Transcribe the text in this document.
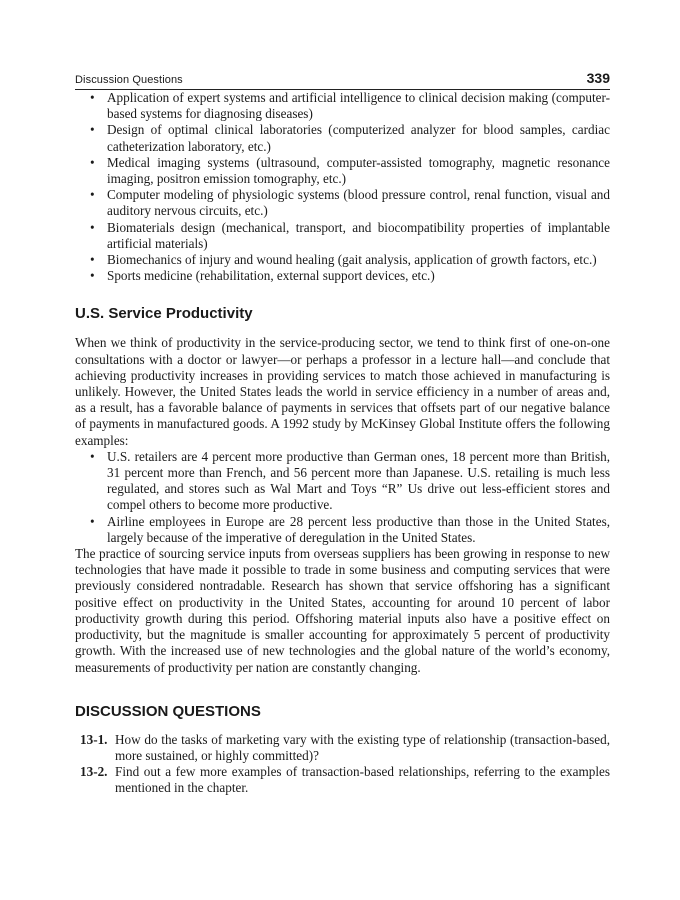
Discussion Questions	339
• Application of expert systems and artificial intelligence to clinical decision making (computer-based systems for diagnosing diseases)
• Design of optimal clinical laboratories (computerized analyzer for blood samples, cardiac catheterization laboratory, etc.)
• Medical imaging systems (ultrasound, computer-assisted tomography, magnetic resonance imaging, positron emission tomography, etc.)
• Computer modeling of physiologic systems (blood pressure control, renal function, visual and auditory nervous circuits, etc.)
• Biomaterials design (mechanical, transport, and biocompatibility properties of implantable artificial materials)
• Biomechanics of injury and wound healing (gait analysis, application of growth factors, etc.)
• Sports medicine (rehabilitation, external support devices, etc.)
U.S. Service Productivity

When we think of productivity in the service-producing sector, we tend to think first of one-on-one consultations with a doctor or lawyer—or perhaps a professor in a lecture hall—and conclude that achieving productivity increases in providing services to match those achieved in manufacturing is unlikely. However, the United States leads the world in service efficiency in a number of areas and, as a result, has a favorable balance of payments in services that offsets part of our negative balance of payments in manufactured goods. A 1992 study by McKinsey Global Institute offers the following examples:

• U.S. retailers are 4 percent more productive than German ones, 18 percent more than British, 31 percent more than French, and 56 percent more than Japanese. U.S. retailing is much less regulated, and stores such as Wal Mart and Toys “R” Us drive out less-efficient stores and compel others to become more productive.
• Airline employees in Europe are 28 percent less productive than those in the United States, largely because of the imperative of deregulation in the United States.

The practice of sourcing service inputs from overseas suppliers has been growing in response to new technologies that have made it possible to trade in some business and computing services that were previously considered nontradable. Research has shown that service offshoring has a significant positive effect on productivity in the United States, accounting for around 10 percent of labor productivity growth during this period. Offshoring material inputs also have a positive effect on productivity, but the magnitude is smaller accounting for approximately 5 percent of productivity growth. With the increased use of new technologies and the global nature of the world’s economy, measurements of productivity per nation are constantly changing.

DISCUSSION QUESTIONS
13-1. How do the tasks of marketing vary with the existing type of relationship (transaction-based, more sustained, or highly committed)?
13-2. Find out a few more examples of transaction-based relationships, referring to the examples mentioned in the chapter.
